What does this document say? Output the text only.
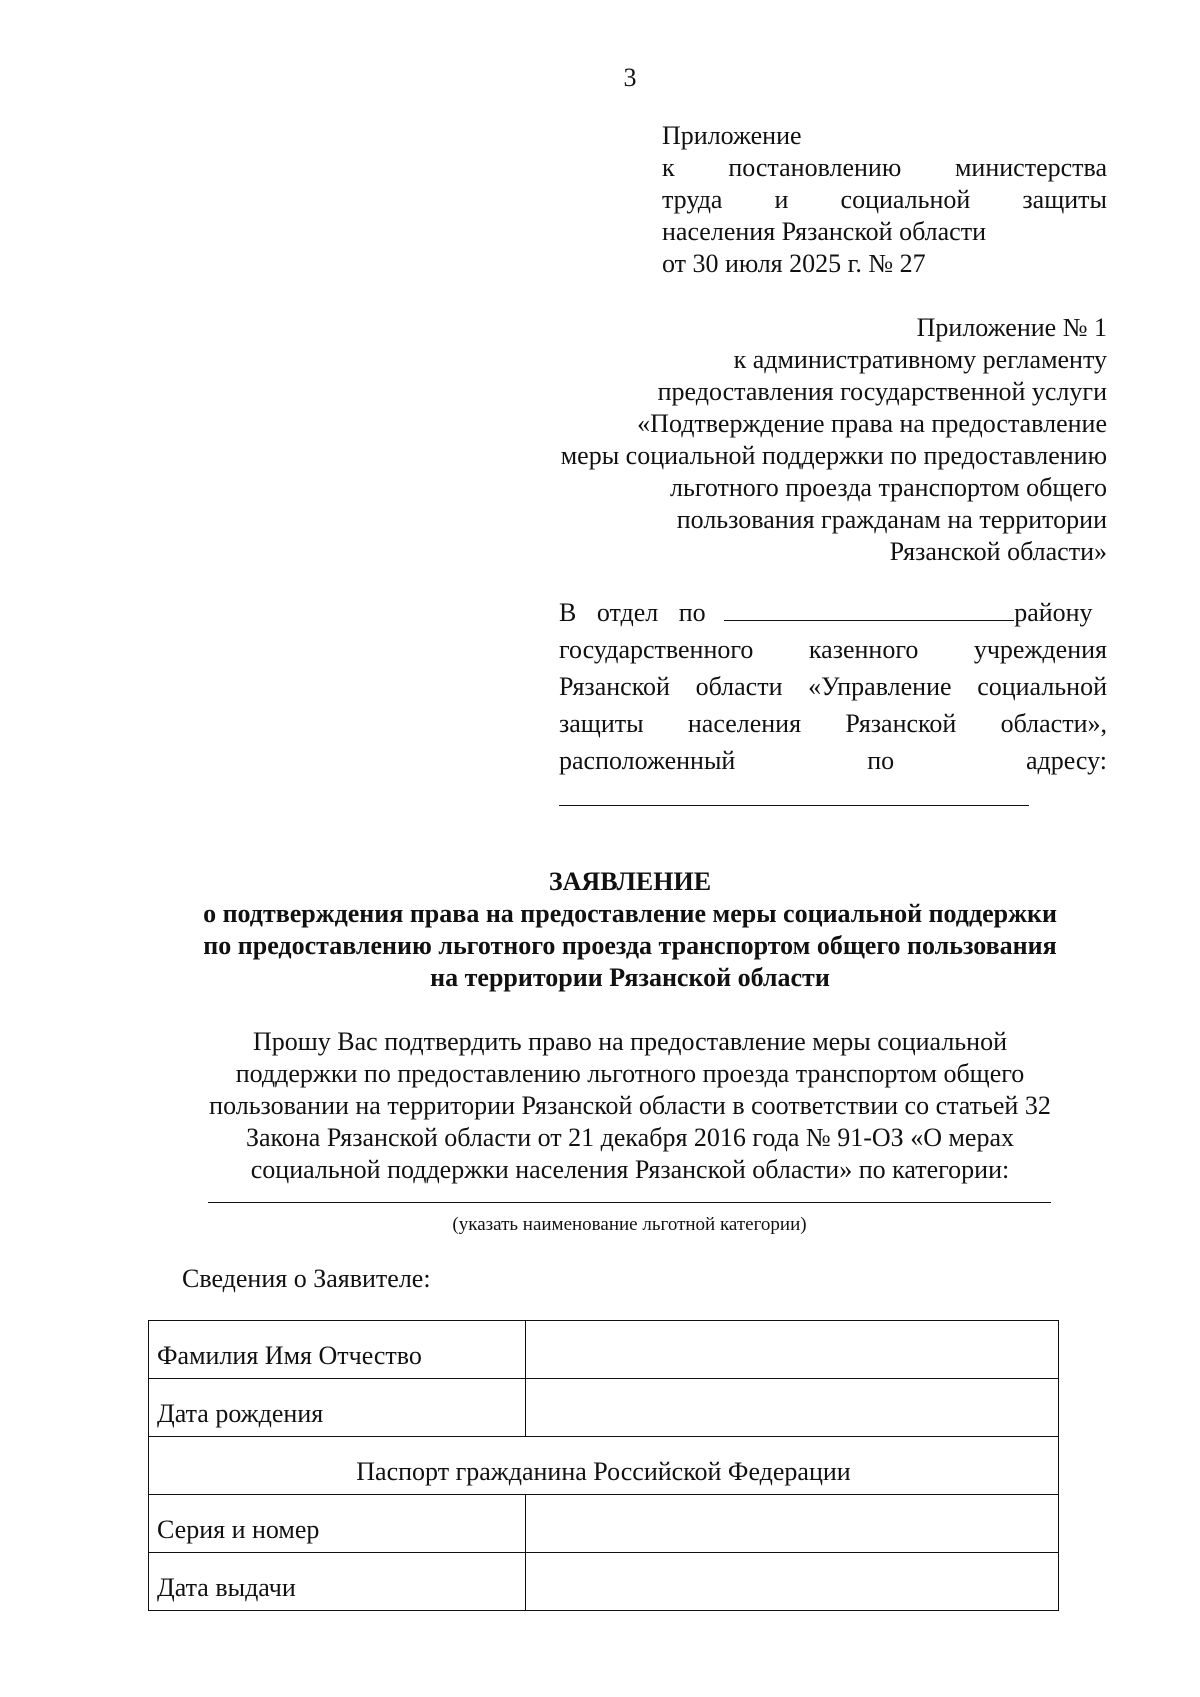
3
Приложение
к постановлению министерства
труда и социальной защиты
населения Рязанской области
от 30 июля 2025 г. № 27
Приложение № 1
к административному регламенту
предоставления государственной услуги
«Подтверждение права на предоставление
меры социальной поддержки по предоставлению
льготного проезда транспортом общего
пользования гражданам на территории
Рязанской области»
В отдел по	району
государственного казенного учреждения
Рязанской области «Управление социальной
защиты населения Рязанской области»,
расположенный по адресу:
ЗАЯВЛЕНИЕ
о подтверждения права на предоставление меры социальной поддержки
по предоставлению льготного проезда транспортом общего пользования
на территории Рязанской области
Прошу Вас подтвердить право на предоставление меры социальной
поддержки по предоставлению льготного проезда транспортом общего
пользовании на территории Рязанской области в соответствии со статьей 32
Закона Рязанской области от 21 декабря 2016 года № 91-ОЗ «О мерах
социальной поддержки населения Рязанской области» по категории:
(указать наименование льготной категории)
Сведения о Заявителе:
Фамилия Имя Отчество	
Дата рождения	
Паспорт гражданина Российской Федерации	
Серия и номер	
Дата выдачи	
